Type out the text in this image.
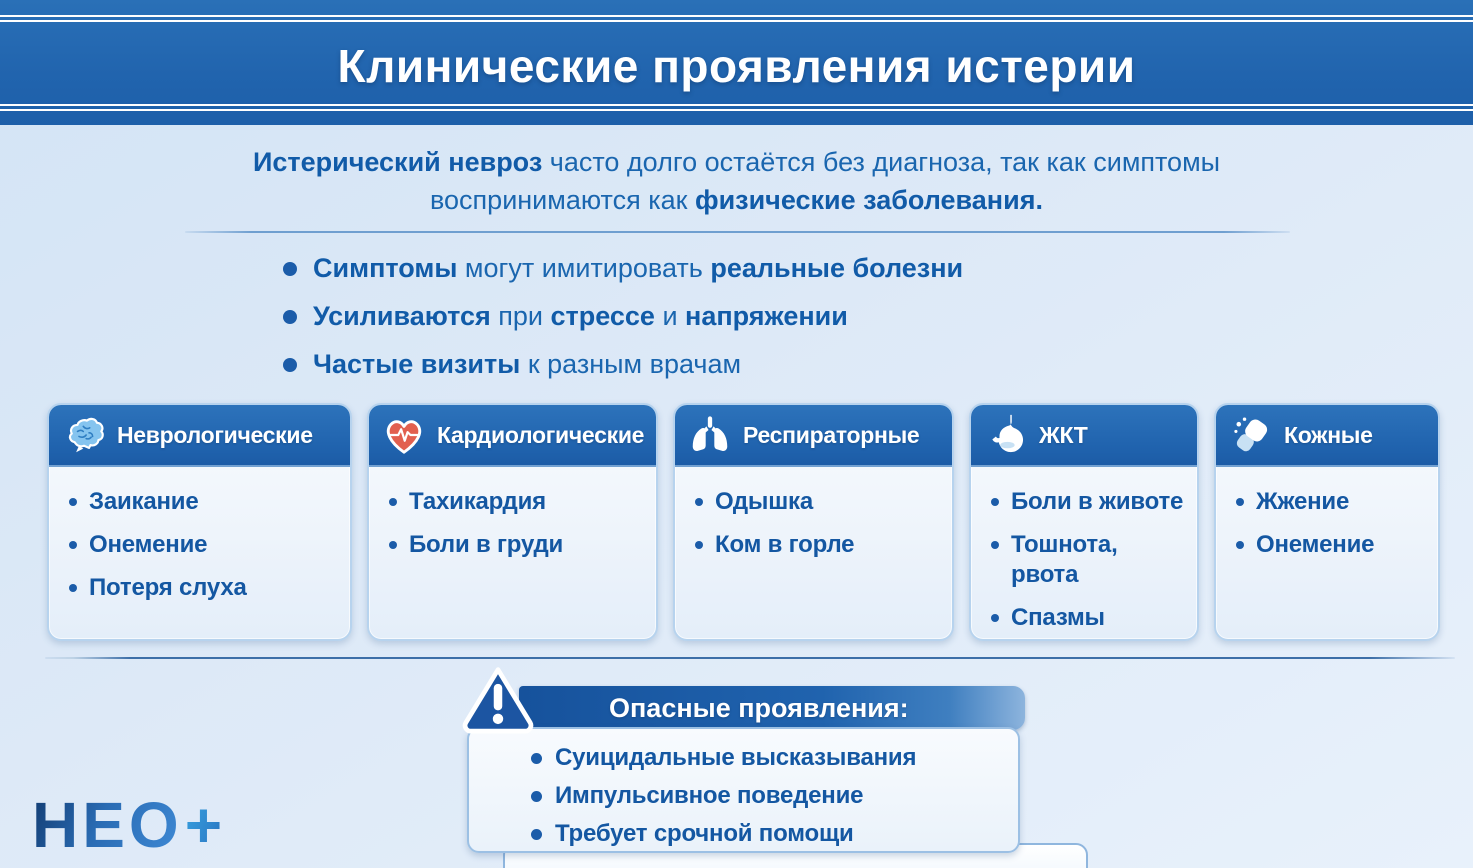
Клинические проявления истерии

Истерический невроз часто долго остаётся без диагноза, так как симптомы воспринимаются как физические заболевания.

Симптомы могут имитировать реальные болезни
Усиливаются при стрессе и напряжении
Частые визиты к разным врачам
Неврологические
Заикание
Онемение
Потеря слуха
Кардиологические
Тахикардия
Боли в груди
Респираторные
Одышка
Ком в горле
ЖКТ
Боли в животе
Тошнота, рвота
Спазмы
Кожные
Жжение
Онемение
Опасные проявления:
Суицидальные высказывания
Импульсивное поведение
Требует срочной помощи
НЕО +
